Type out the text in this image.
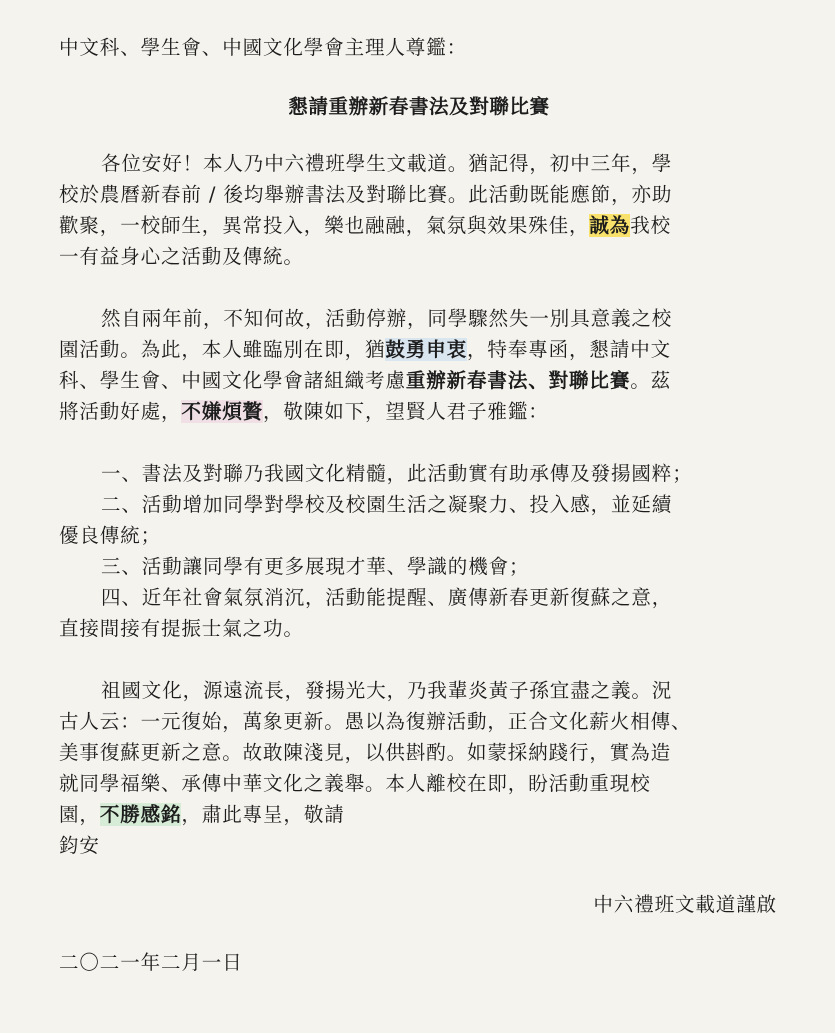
中文科、學生會、中國文化學會主理人尊鑑：
懇請重辦新春書法及對聯比賽
各位安好！本人乃中六禮班學生文載道。猶記得，初中三年，學
校於農曆新春前 / 後均舉辦書法及對聯比賽。此活動既能應節，亦助
歡聚，一校師生，異常投入，樂也融融，氣氛與效果殊佳，誠為我校
一有益身心之活動及傳統。
然自兩年前，不知何故，活動停辦，同學驟然失一別具意義之校
園活動。為此，本人雖臨別在即，猶鼓勇申衷，特奉專函，懇請中文
科、學生會、中國文化學會諸組織考慮重辦新春書法、對聯比賽。茲
將活動好處，不嫌煩贅，敬陳如下，望賢人君子雅鑑：
一、書法及對聯乃我國文化精髓，此活動實有助承傳及發揚國粹；
二、活動增加同學對學校及校園生活之凝聚力、投入感，並延續
優良傳統；
三、活動讓同學有更多展現才華、學識的機會；
四、近年社會氣氛消沉，活動能提醒、廣傳新春更新復蘇之意，
直接間接有提振士氣之功。
祖國文化，源遠流長，發揚光大，乃我輩炎黃子孫宜盡之義。況
古人云：一元復始，萬象更新。愚以為復辦活動，正合文化薪火相傳、
美事復蘇更新之意。故敢陳淺見，以供斟酌。如蒙採納踐行，實為造
就同學福樂、承傳中華文化之義舉。本人離校在即，盼活動重現校
園，不勝感銘，肅此專呈，敬請
鈞安
中六禮班文載道謹啟
二〇二一年二月一日
